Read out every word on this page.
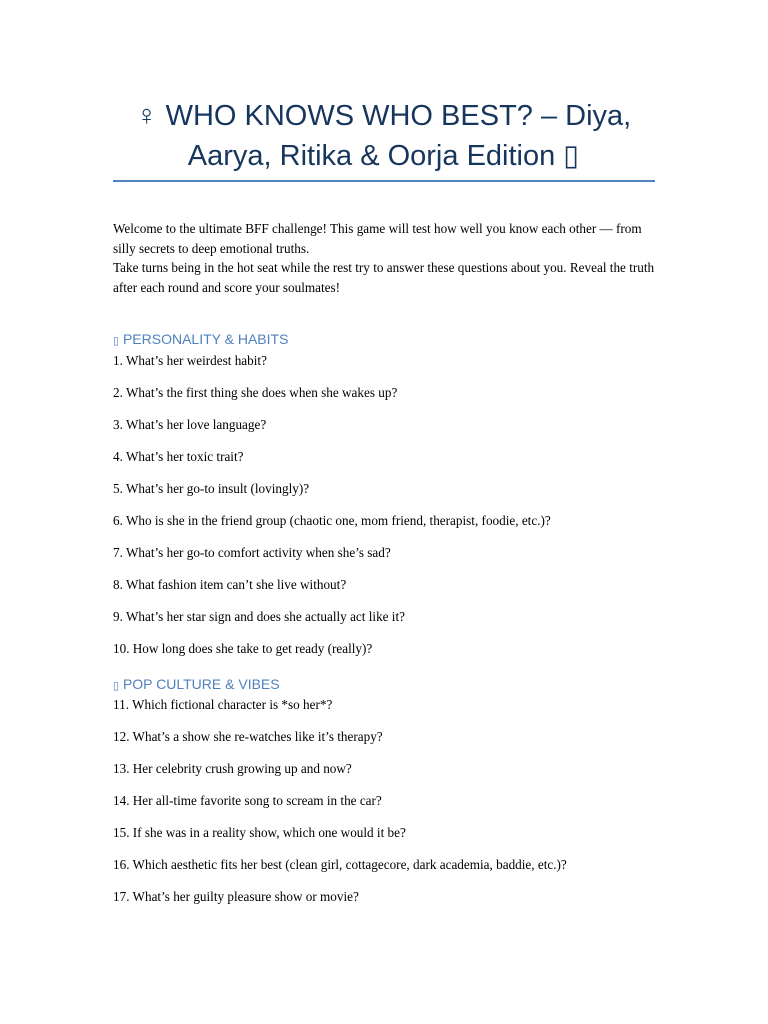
♀ WHO KNOWS WHO BEST? – Diya, Aarya, Ritika & Oorja Edition ▯

Welcome to the ultimate BFF challenge! This game will test how well you know each other — from silly secrets to deep emotional truths.

Take turns being in the hot seat while the rest try to answer these questions about you. Reveal the truth after each round and score your soulmates!

▯ PERSONALITY & HABITS

1. What’s her weirdest habit?

2. What’s the first thing she does when she wakes up?

3. What’s her love language?

4. What’s her toxic trait?

5. What’s her go-to insult (lovingly)?

6. Who is she in the friend group (chaotic one, mom friend, therapist, foodie, etc.)?

7. What’s her go-to comfort activity when she’s sad?

8. What fashion item can’t she live without?

9. What’s her star sign and does she actually act like it?

10. How long does she take to get ready (really)?

▯ POP CULTURE & VIBES

11. Which fictional character is *so her*?

12. What’s a show she re-watches like it’s therapy?

13. Her celebrity crush growing up and now?

14. Her all-time favorite song to scream in the car?

15. If she was in a reality show, which one would it be?

16. Which aesthetic fits her best (clean girl, cottagecore, dark academia, baddie, etc.)?

17. What’s her guilty pleasure show or movie?
